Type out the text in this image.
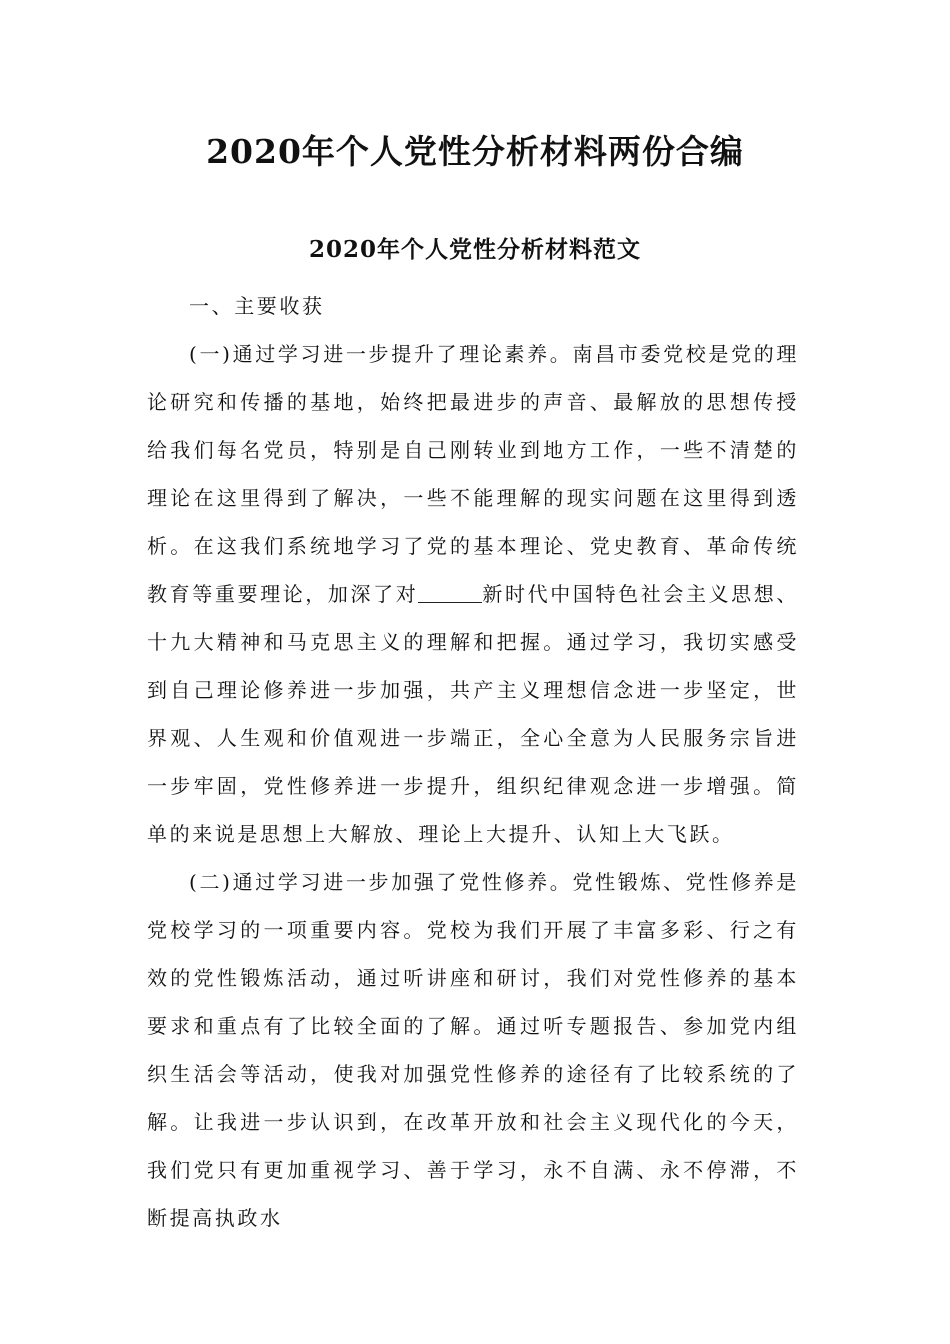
2020年个人党性分析材料两份合编
2020年个人党性分析材料范文

一、主要收获

(一)通过学习进一步提升了理论素养。南昌市委党校是党的理论研究和传播的基地，始终把最进步的声音、最解放的思想传授给我们每名党员，特别是自己刚转业到地方工作，一些不清楚的理论在这里得到了解决，一些不能理解的现实问题在这里得到透析。在这我们系统地学习了党的基本理论、党史教育、革命传统教育等重要理论，加深了对	新时代中国特色社会主义思想、十九大精神和马克思主义的理解和把握。通过学习，我切实感受到自己理论修养进一步加强，共产主义理想信念进一步坚定，世界观、人生观和价值观进一步端正，全心全意为人民服务宗旨进一步牢固，党性修养进一步提升，组织纪律观念进一步增强。简单的来说是思想上大解放、理论上大提升、认知上大飞跃。

(二)通过学习进一步加强了党性修养。党性锻炼、党性修养是党校学习的一项重要内容。党校为我们开展了丰富多彩、行之有效的党性锻炼活动，通过听讲座和研讨，我们对党性修养的基本要求和重点有了比较全面的了解。通过听专题报告、参加党内组织生活会等活动，使我对加强党性修养的途径有了比较系统的了解。让我进一步认识到，在改革开放和社会主义现代化的今天，我们党只有更加重视学习、善于学习，永不自满、永不停滞，不断提高执政水
